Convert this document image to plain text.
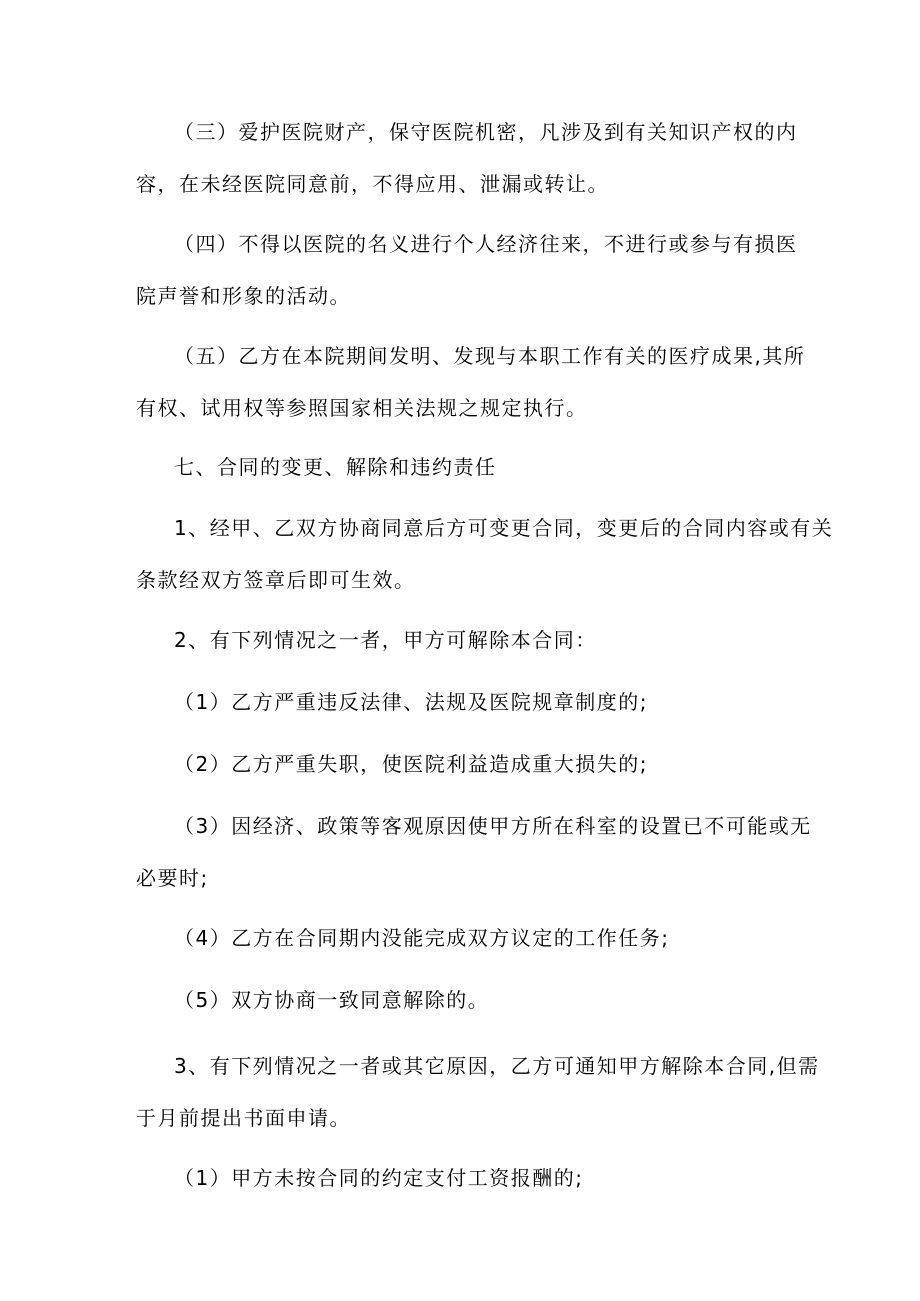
（三）爱护医院财产，保守医院机密，凡涉及到有关知识产权的内
容，在未经医院同意前，不得应用、泄漏或转让。
（四）不得以医院的名义进行个人经济往来，不进行或参与有损医
院声誉和形象的活动。
（五）乙方在本院期间发明、发现与本职工作有关的医疗成果,其所
有权、试用权等参照国家相关法规之规定执行。
七、合同的变更、解除和违约责任
1、经甲、乙双方协商同意后方可变更合同，变更后的合同内容或有关
条款经双方签章后即可生效。
2、有下列情况之一者，甲方可解除本合同：
（1）乙方严重违反法律、法规及医院规章制度的;
（2）乙方严重失职，使医院利益造成重大损失的;
（3）因经济、政策等客观原因使甲方所在科室的设置已不可能或无
必要时;
（4）乙方在合同期内没能完成双方议定的工作任务;
（5）双方协商一致同意解除的。
3、有下列情况之一者或其它原因，乙方可通知甲方解除本合同,但需
于月前提出书面申请。
（1）甲方未按合同的约定支付工资报酬的;
